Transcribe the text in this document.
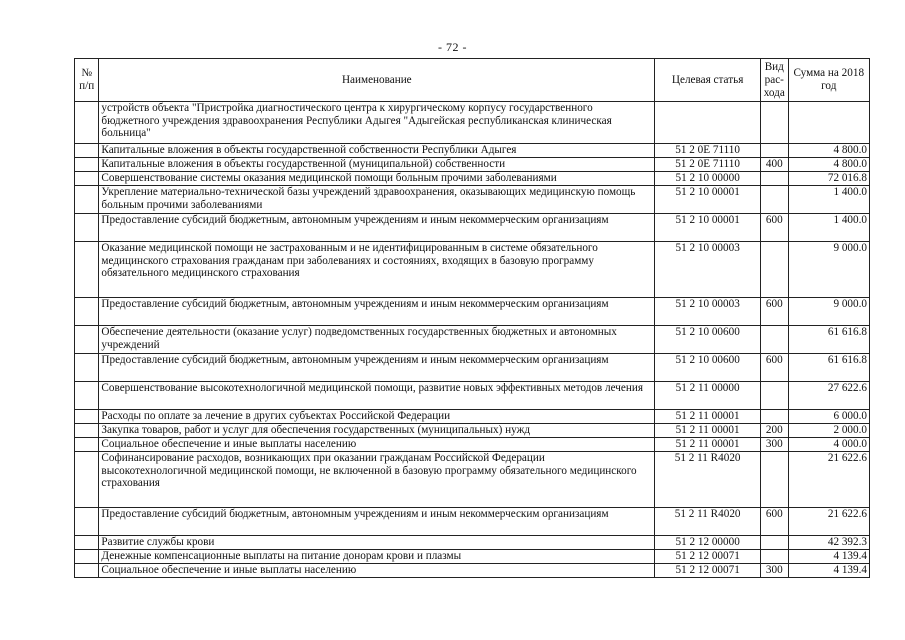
- 72 -
№ п/п	Наименование	Целевая статья	Вид рас-хода	Сумма на 2018 год
	устройств объекта "Пристройка диагностического центра к хирургическому корпусу государственного бюджетного учреждения здравоохранения Республики Адыгея "Адыгейская республиканская клиническая больница"			
	Капитальные вложения в объекты государственной собственности Республики Адыгея	51 2 0Е 71110		4 800.0
	Капитальные вложения в объекты государственной (муниципальной) собственности	51 2 0Е 71110	400	4 800.0
	Совершенствование системы оказания медицинской помощи больным прочими заболеваниями	51 2 10 00000		72 016.8
	Укрепление материально-технической базы учреждений здравоохранения, оказывающих медицинскую помощь больным прочими заболеваниями	51 2 10 00001		1 400.0
	Предоставление субсидий бюджетным, автономным учреждениям и иным некоммерческим организациям	51 2 10 00001	600	1 400.0
	Оказание медицинской помощи не застрахованным и не идентифицированным в системе обязательного медицинского страхования гражданам при заболеваниях и состояниях, входящих в базовую программу обязательного медицинского страхования	51 2 10 00003		9 000.0
	Предоставление субсидий бюджетным, автономным учреждениям и иным некоммерческим организациям	51 2 10 00003	600	9 000.0
	Обеспечение деятельности (оказание услуг) подведомственных государственных бюджетных и автономных учреждений	51 2 10 00600		61 616.8
	Предоставление субсидий бюджетным, автономным учреждениям и иным некоммерческим организациям	51 2 10 00600	600	61 616.8
	Совершенствование высокотехнологичной медицинской помощи, развитие новых эффективных методов лечения	51 2 11 00000		27 622.6
	Расходы по оплате за лечение в других субъектах Российской Федерации	51 2 11 00001		6 000.0
	Закупка товаров, работ и услуг для обеспечения государственных (муниципальных) нужд	51 2 11 00001	200	2 000.0
	Социальное обеспечение и иные выплаты населению	51 2 11 00001	300	4 000.0
	Софинансирование расходов, возникающих при оказании гражданам Российской Федерации высокотехнологичной медицинской помощи, не включенной в базовую программу обязательного медицинского страхования	51 2 11 R4020		21 622.6
	Предоставление субсидий бюджетным, автономным учреждениям и иным некоммерческим организациям	51 2 11 R4020	600	21 622.6
	Развитие службы крови	51 2 12 00000		42 392.3
	Денежные компенсационные выплаты на питание донорам крови и плазмы	51 2 12 00071		4 139.4
	Социальное обеспечение и иные выплаты населению	51 2 12 00071	300	4 139.4
